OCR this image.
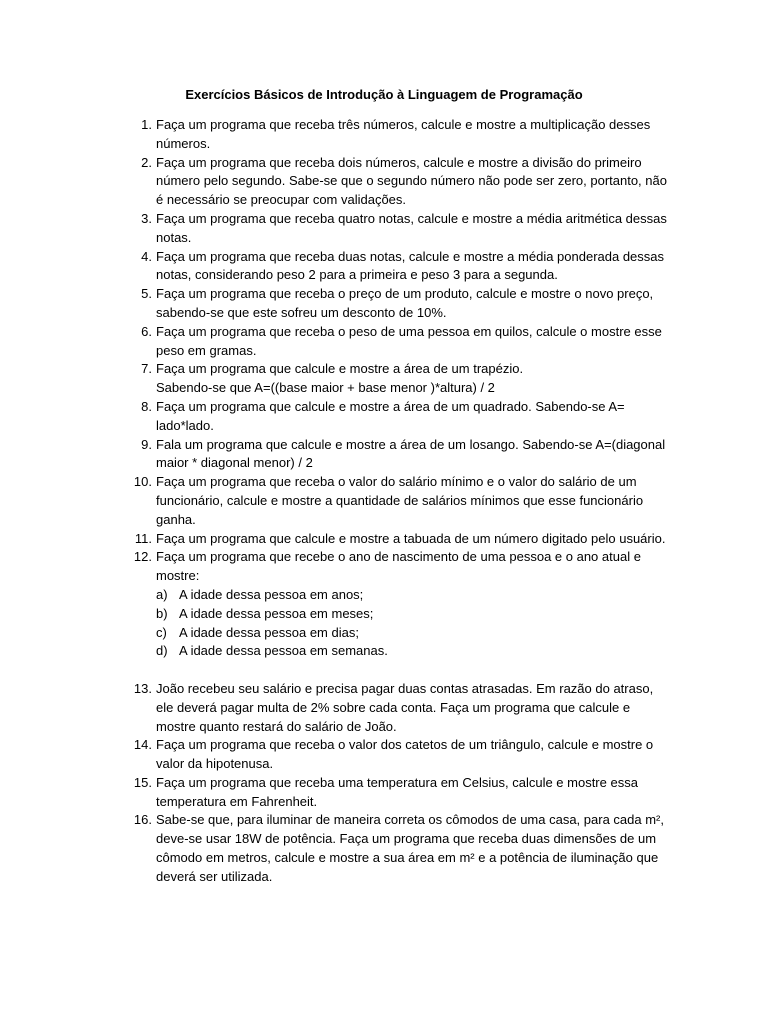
Exercícios Básicos de Introdução à Linguagem de Programação
1. Faça um programa que receba três números, calcule e mostre a multiplicação desses números.
2. Faça um programa que receba dois números, calcule e mostre a divisão do primeiro número pelo segundo. Sabe-se que o segundo número não pode ser zero, portanto, não é necessário se preocupar com validações.
3. Faça um programa que receba quatro notas, calcule e mostre a média aritmética dessas notas.
4. Faça um programa que receba duas notas, calcule e mostre a média ponderada dessas notas, considerando peso 2 para a primeira e peso 3 para a segunda.
5. Faça um programa que receba o preço de um produto, calcule e mostre o novo preço, sabendo-se que este sofreu um desconto de 10%.
6. Faça um programa que receba o peso de uma pessoa em quilos, calcule o mostre esse peso em gramas.
7. Faça um programa que calcule e mostre a área de um trapézio.
Sabendo-se que A=((base maior + base menor )*altura) / 2
8. Faça um programa que calcule e mostre a área de um quadrado. Sabendo-se A= lado*lado.
9. Fala um programa que calcule e mostre a área de um losango. Sabendo-se A=(diagonal maior * diagonal menor) / 2
10. Faça um programa que receba o valor do salário mínimo e o valor do salário de um funcionário, calcule e mostre a quantidade de salários mínimos que esse funcionário ganha.
11. Faça um programa que calcule e mostre a tabuada de um número digitado pelo usuário.
12. Faça um programa que recebe o ano de nascimento de uma pessoa e o ano atual e mostre:
a) A idade dessa pessoa em anos;
b) A idade dessa pessoa em meses;
c) A idade dessa pessoa em dias;
d) A idade dessa pessoa em semanas.
13. João recebeu seu salário e precisa pagar duas contas atrasadas. Em razão do atraso, ele deverá pagar multa de 2% sobre cada conta. Faça um programa que calcule e mostre quanto restará do salário de João.
14. Faça um programa que receba o valor dos catetos de um triângulo, calcule e mostre o valor da hipotenusa.
15. Faça um programa que receba uma temperatura em Celsius, calcule e mostre essa temperatura em Fahrenheit.
16. Sabe-se que, para iluminar de maneira correta os cômodos de uma casa, para cada m², deve-se usar 18W de potência. Faça um programa que receba duas dimensões de um cômodo em metros, calcule e mostre a sua área em m² e a potência de iluminação que deverá ser utilizada.
